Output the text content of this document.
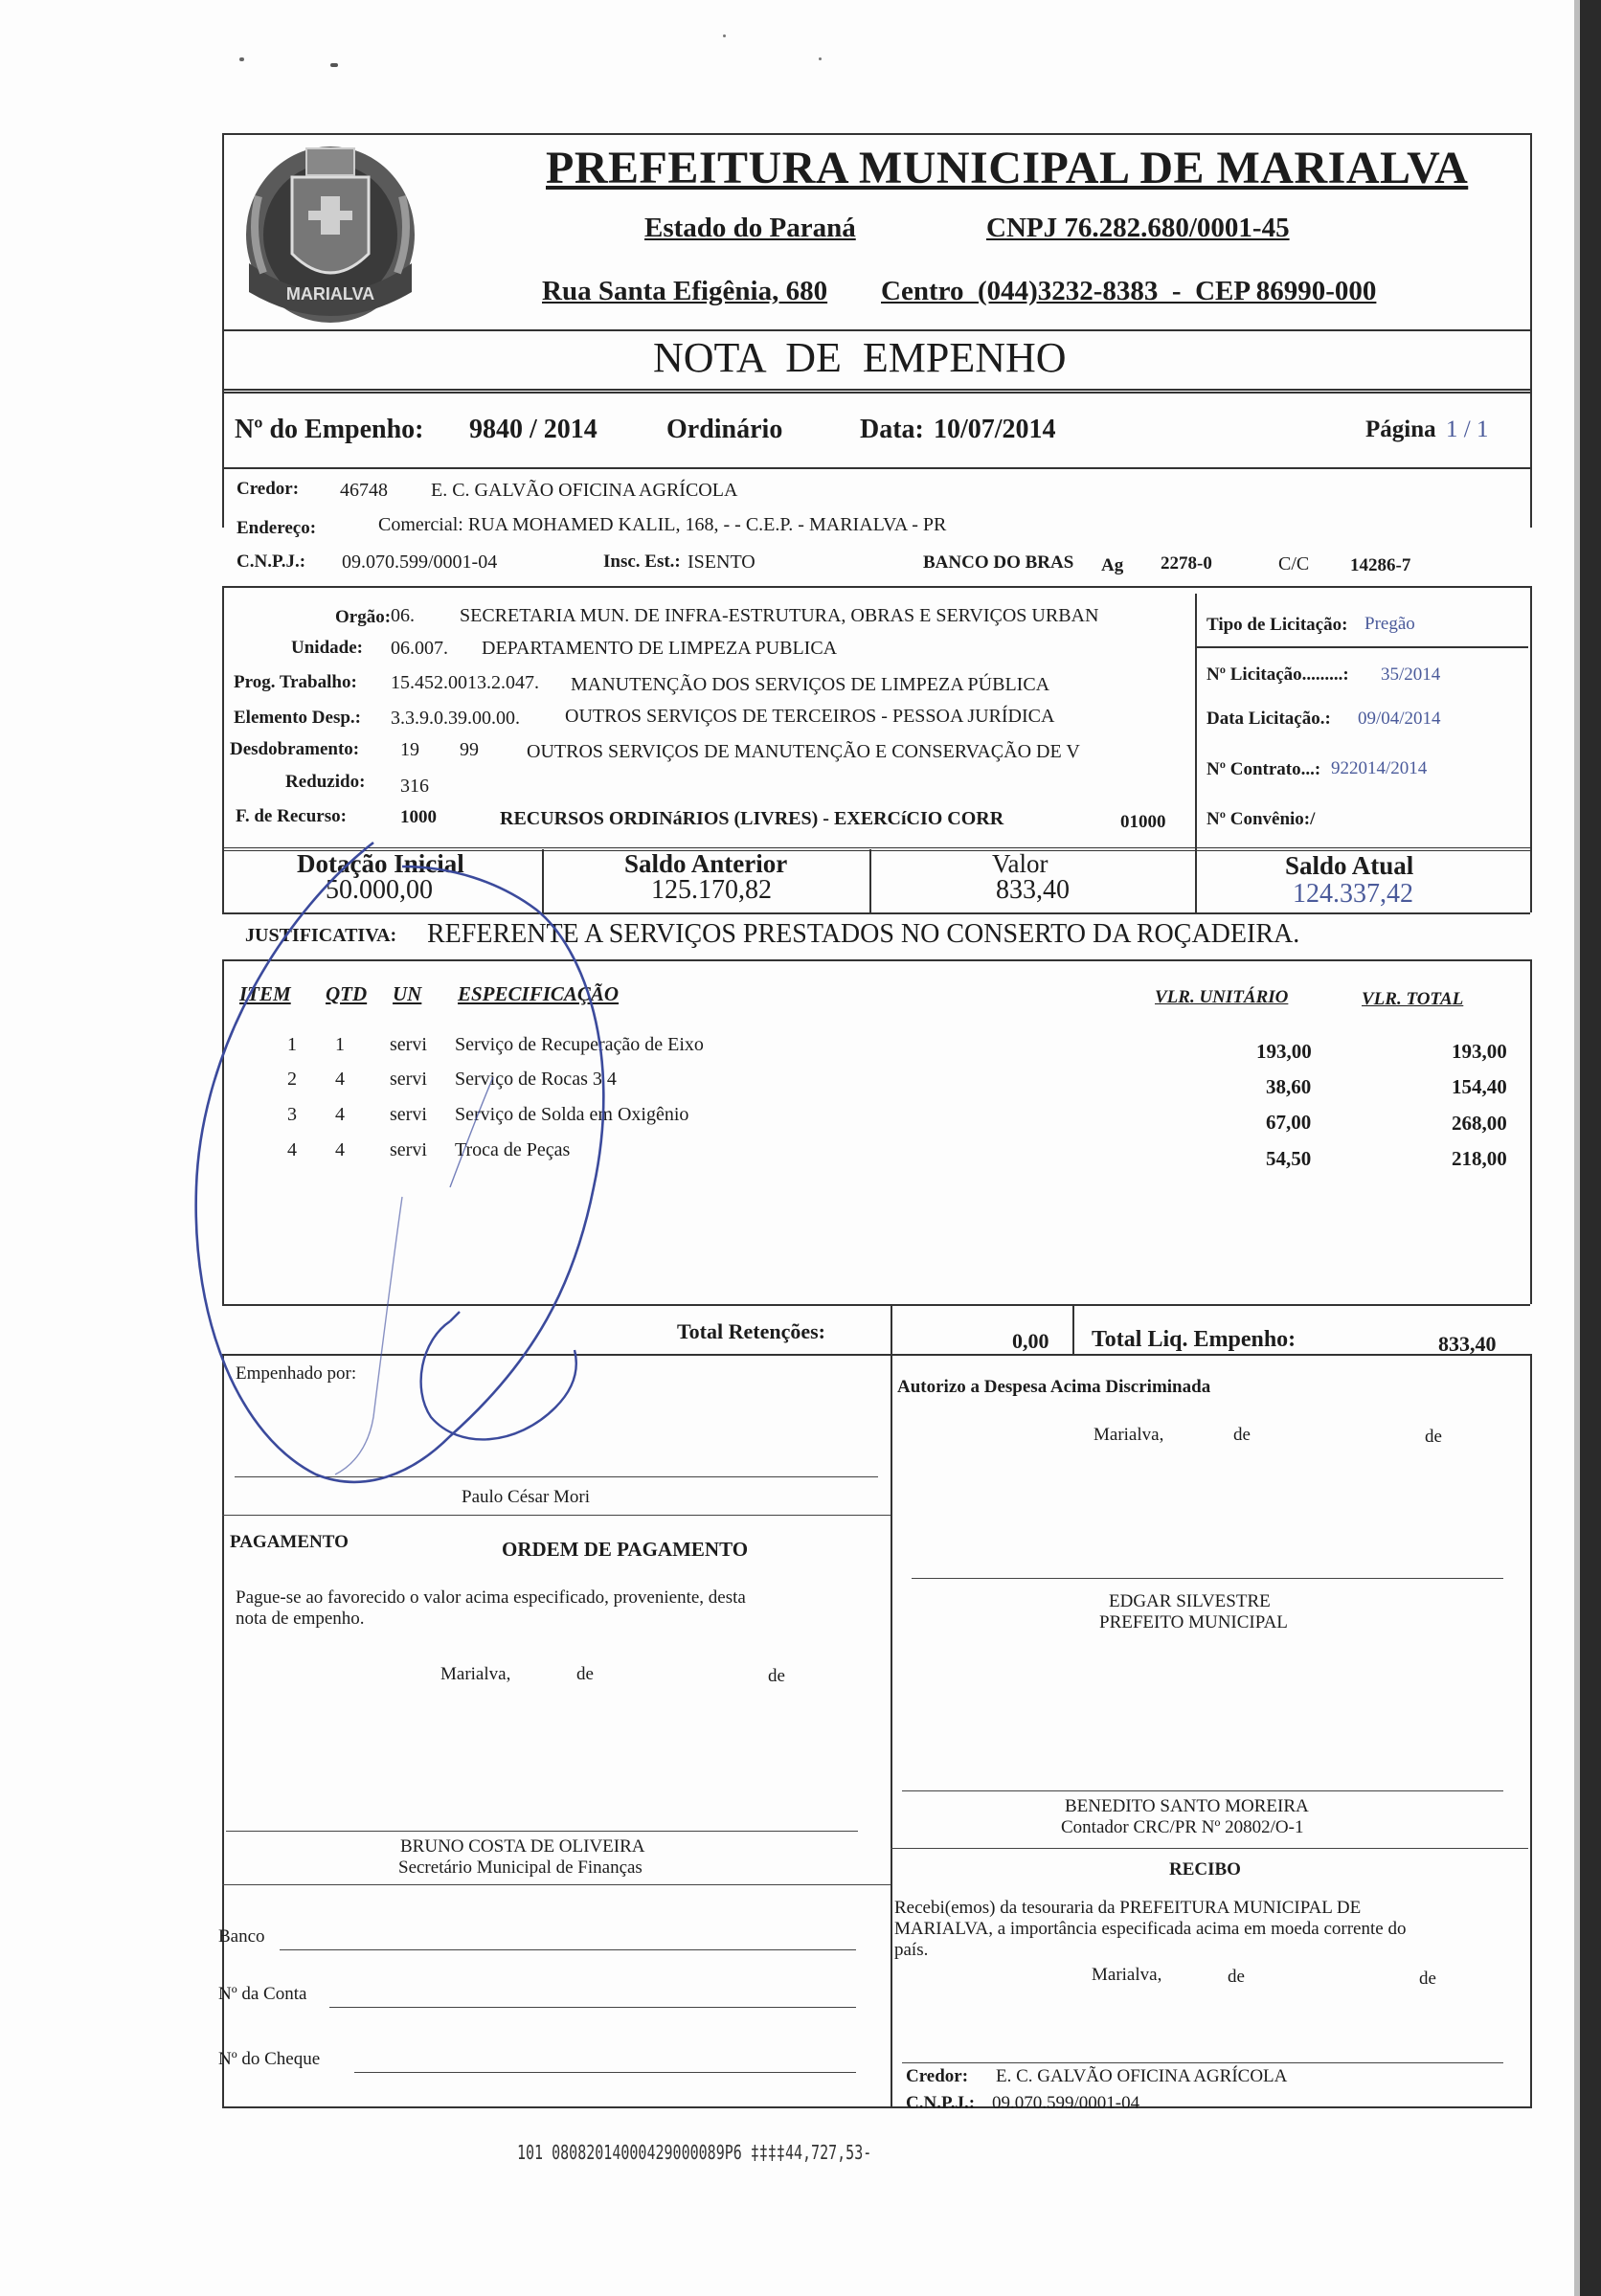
MARIALVA
PREFEITURA MUNICIPAL DE MARIALVA
Estado do Paraná	CNPJ 76.282.680/0001-45
Rua Santa Efigênia, 680 Centro  (044)3232-8383  -  CEP 86990-000
NOTA  DE  EMPENHO
Nº do Empenho: 9840 / 2014	Ordinário	Data: 10/07/2014	Página 1 / 1
Credor: 46748 E. C. GALVÃO OFICINA AGRÍCOLA
Endereço:	Comercial: RUA MOHAMED KALIL, 168, - - C.E.P. - MARIALVA - PR
C.N.P.J.: 09.070.599/0001-04	Insc. Est.: ISENTO	BANCO DO BRAS Ag 2278-0	C/C 14286-7
Orgão: 06. SECRETARIA MUN. DE INFRA-ESTRUTURA, OBRAS E SERVIÇOS URBAN
Unidade: 06.007. DEPARTAMENTO DE LIMPEZA PUBLICA
Prog. Trabalho: 15.452.0013.2.047. MANUTENÇÃO DOS SERVIÇOS DE LIMPEZA PÚBLICA
Elemento Desp.: 3.3.9.0.39.00.00. OUTROS SERVIÇOS DE TERCEIROS - PESSOA JURÍDICA
Desdobramento: 19 99	OUTROS SERVIÇOS DE MANUTENÇÃO E CONSERVAÇÃO DE V
Reduzido: 316
F. de Recurso:	1000	RECURSOS ORDINáRIOS (LIVRES) - EXERCíCIO CORR	01000
Tipo de Licitação: Pregão
Nº Licitação.........: 35/2014
Data Licitação.: 09/04/2014
Nº Contrato...: 922014/2014
Nº Convênio:/
Dotação Inicial
50.000,00
Saldo Anterior
125.170,82
Valor
833,40
Saldo Atual
124.337,42
JUSTIFICATIVA: REFERENTE A SERVIÇOS PRESTADOS NO CONSERTO DA ROÇADEIRA.
ITEM QTD UN ESPECIFICAÇÃO	VLR. UNITÁRIO	VLR. TOTAL
1 1 servi Serviço de Recuperação de Eixo	193,00	193,00
2 4 servi Serviço de Rocas 3 4	38,60	154,40
3 4 servi Serviço de Solda em Oxigênio	67,00	268,00
4 4 servi Troca de Peças	54,50	218,00
Total Retenções:	0,00 Total Liq. Empenho:	833,40
Empenhado por:
Paulo César Mori
Autorizo a Despesa Acima Discriminada
Marialva,	de	de
PAGAMENTO	ORDEM DE PAGAMENTO
Pague-se ao favorecido o valor acima especificado, proveniente, desta
nota de empenho.
Marialva,	de	de
EDGAR SILVESTRE
PREFEITO MUNICIPAL
BENEDITO SANTO MOREIRA
Contador CRC/PR Nº 20802/O-1
BRUNO COSTA DE OLIVEIRA
Secretário Municipal de Finanças
Banco
Nº da Conta
Nº do Cheque
RECIBO
Recebi(emos) da tesouraria da PREFEITURA MUNICIPAL DE
MARIALVA, a importância especificada acima em moeda corrente do
país.
Marialva,	de	de
Credor: E. C. GALVÃO OFICINA AGRÍCOLA
C.N.P.J.: 09.070.599/0001-04
101 08082014000429000089P6 ‡‡‡‡44,727,53-
